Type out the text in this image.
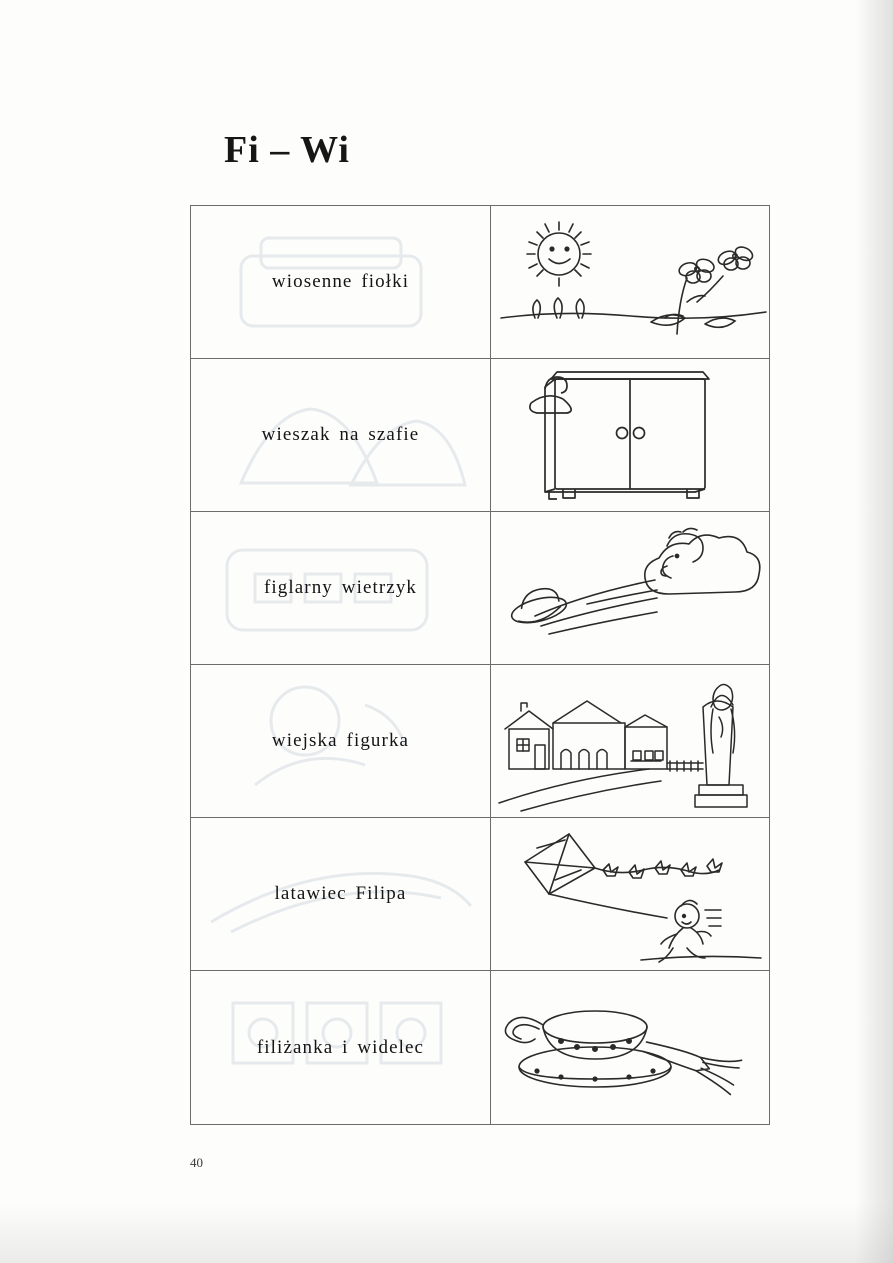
Fi – Wi
wiosenne fiołki
wieszak na szafie
figlarny wietrzyk
wiejska figurka
latawiec Filipa
filiżanka i widelec
40
